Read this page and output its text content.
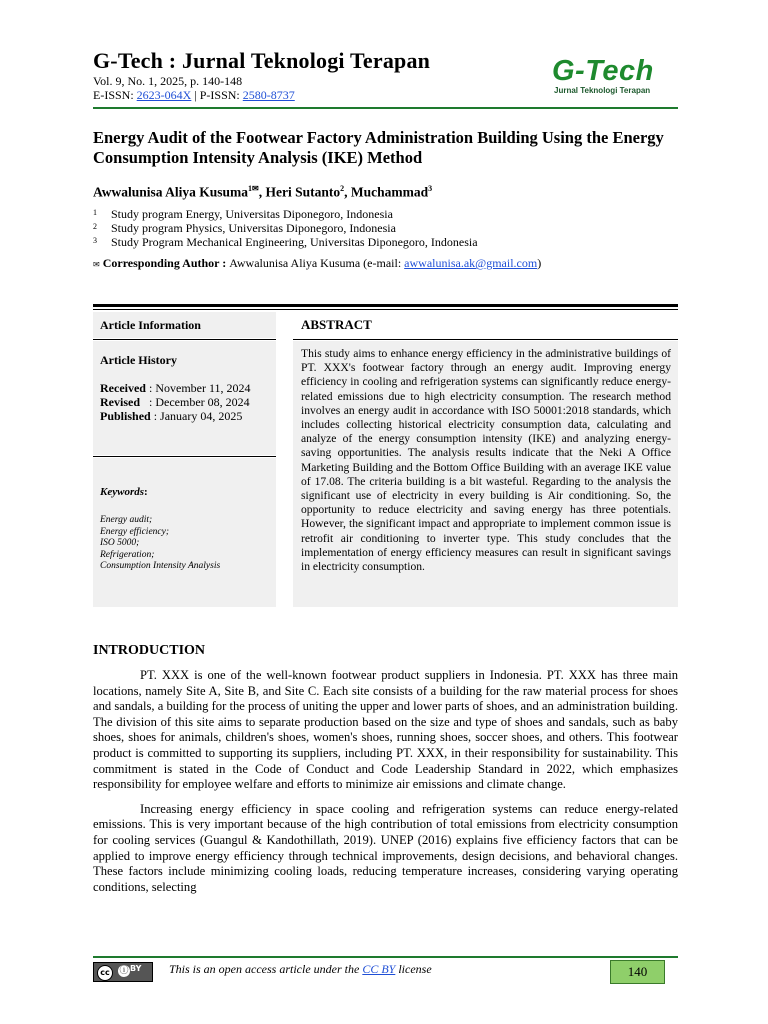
G-Tech : Jurnal Teknologi Terapan
Vol. 9, No. 1, 2025, p. 140-148
E-ISSN: 2623-064X | P-ISSN: 2580-8737
G-Tech
Jurnal Teknologi Terapan
Energy Audit of the Footwear Factory Administration Building Using the Energy Consumption Intensity Analysis (IKE) Method
Awwalunisa Aliya Kusuma$^{1✉}$, Heri Sutanto$^2$, Muchammad$^3$
1	Study program Energy, Universitas Diponegoro, Indonesia
2	Study program Physics, Universitas Diponegoro, Indonesia
3	Study Program Mechanical Engineering, Universitas Diponegoro, Indonesia
✉ Corresponding Author : Awwalunisa Aliya Kusuma (e-mail: awwalunisa.ak@gmail.com)
Article Information	ABSTRACT
Article History
Received : November 11, 2024
Revised   : December 08, 2024
Published : January 04, 2025
Keywords:
Energy audit;
Energy efficiency;
ISO 5000;
Refrigeration;
Consumption Intensity Analysis
This study aims to enhance energy efficiency in the administrative buildings of PT. XXX's footwear factory through an energy audit. Improving energy efficiency in cooling and refrigeration systems can significantly reduce energy-related emissions due to high electricity consumption. The research method involves an energy audit in accordance with ISO 50001:2018 standards, which includes collecting historical electricity consumption data, calculating and analyze of the energy consumption intensity (IKE) and analyzing energy-saving opportunities. The analysis results indicate that the Neki A Office Marketing Building and the Bottom Office Building with an average IKE value of 17.08. The criteria building is a bit wasteful. Regarding to the analysis the significant use of electricity in every building is Air conditioning. So, the opportunity to reduce electricity and saving energy has three potentials. However, the significant impact and appropriate to implement common issue is retrofit air conditioning to inverter type. This study concludes that the implementation of energy efficiency measures can result in significant savings in electricity consumption.
INTRODUCTION

PT. XXX is one of the well-known footwear product suppliers in Indonesia. PT. XXX has three main locations, namely Site A, Site B, and Site C. Each site consists of a building for the raw material process for shoes and sandals, a building for the process of uniting the upper and lower parts of shoes, and an administration building. The division of this site aims to separate production based on the size and type of shoes and sandals, such as baby shoes, shoes for animals, children's shoes, women's shoes, running shoes, soccer shoes, and others. This footwear product is committed to supporting its suppliers, including PT. XXX, in their responsibility for sustainability. This commitment is stated in the Code of Conduct and Code Leadership Standard in 2022, which emphasizes responsibility for employee welfare and efforts to minimize air emissions and climate change.

Increasing energy efficiency in space cooling and refrigeration systems can reduce energy-related emissions. This is very important because of the high contribution of total emissions from electricity consumption for cooling services (Guangul & Kandothillath, 2019). UNEP (2016) explains five efficiency factors that can be applied to improve energy efficiency through technical improvements, design decisions, and behavioral changes. These factors include minimizing cooling loads, reducing temperature increases, considering varying operating conditions, selecting

cc	ⓘ BY This is an open access article under the CC BY license	140
